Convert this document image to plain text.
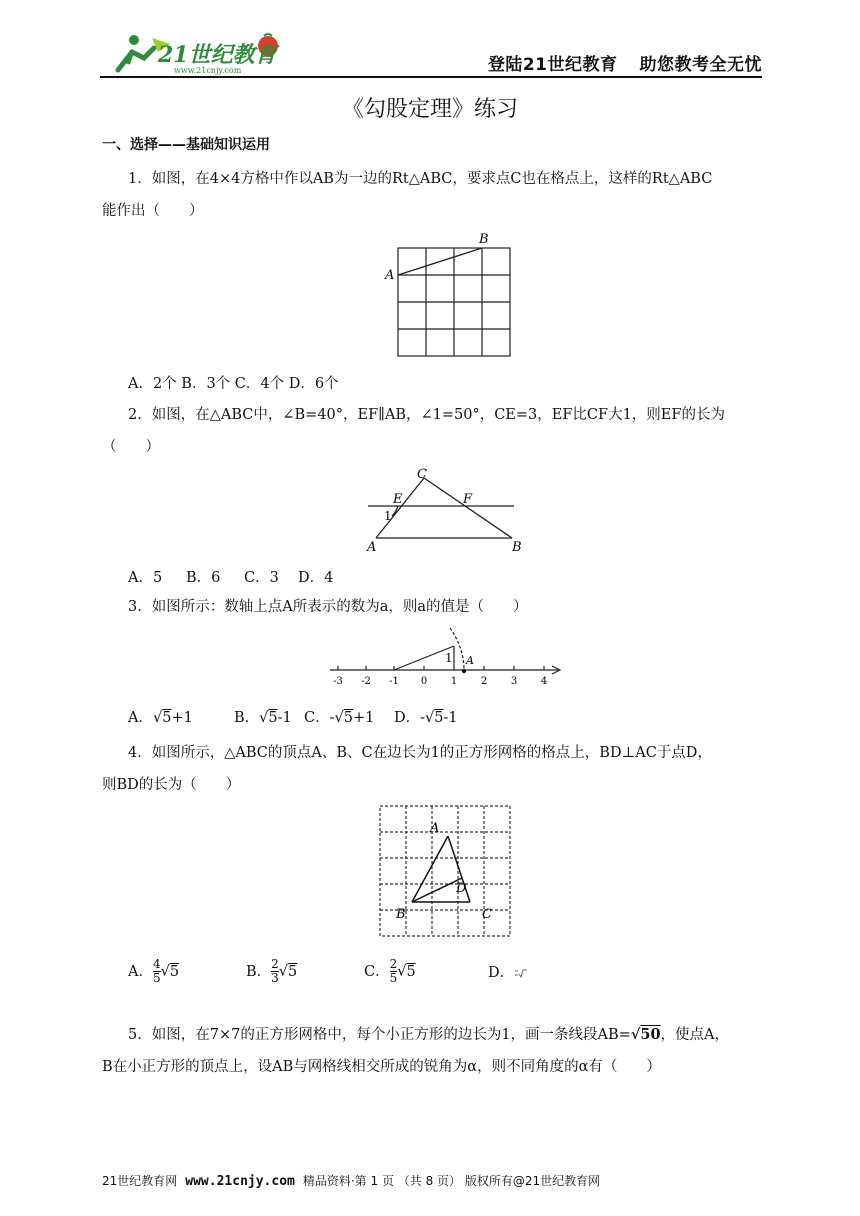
21世纪教育
www.21cnjy.com	登陆21世纪教育 助您教考全无忧
《勾股定理》练习
一、选择——基础知识运用
1．如图，在4×4方格中作以AB为一边的Rt△ABC，要求点C也在格点上，这样的Rt△ABC
能作出（　　）
A
B
A．2个 B．3个 C．4个 D．6个
2．如图，在△ABC中，∠B=40°，EF∥AB，∠1=50°，CE=3，EF比CF大1，则EF的长为
（　　）
C
E	F
1
A	B
A．5 B．6 C．3 D．4
3．如图所示：数轴上点A所表示的数为a，则a的值是（　　）
1 A
-3 -2 -1 0 1 2 3 4
A．√5+1	B．√5-1 C．-√5+1 D．-√5-1
4．如图所示，△ABC的顶点A、B、C在边长为1的正方形网格的格点上，BD⊥AC于点D，
则BD的长为（　　）
A
B	C
D
A． $\frac{4}{5} √5$	B． $\frac{2}{3} √5$	C． $\frac{2}{5} √5$	D．
5．如图，在7×7的正方形网格中，每个小正方形的边长为1，画一条线段AB=√50，使点A，
B在小正方形的顶点上，设AB与网格线相交所成的锐角为α，则不同角度的α有（　　）
21世纪教育网 www.21cnjy.com 精品资料·第 1 页 （共 8 页） 版权所有@21世纪教育网
